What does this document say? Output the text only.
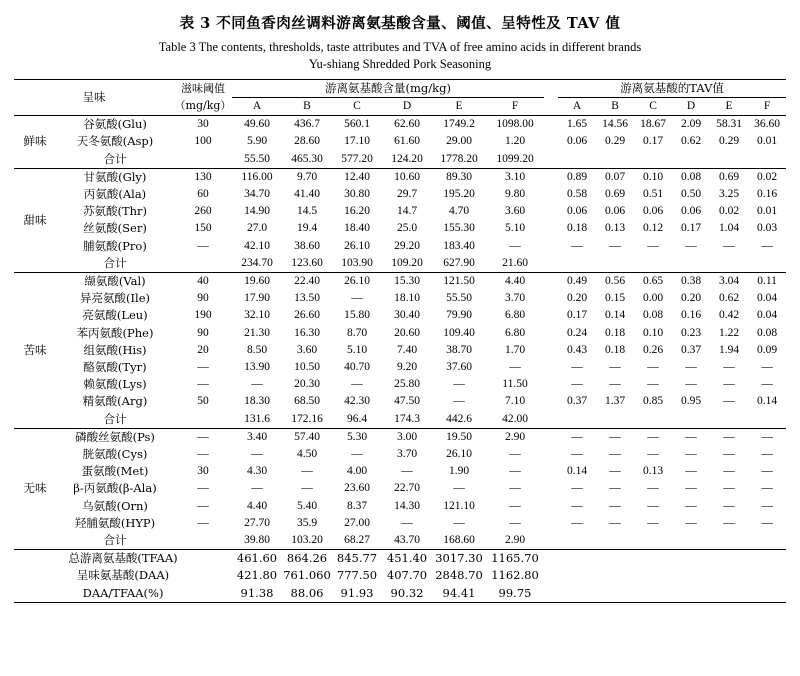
表 3 不同鱼香肉丝调料游离氨基酸含量、阈值、呈特性及 TAV 值
Table 3 The contents, thresholds, taste attributes and TVA of free amino acids in different brands
Yu-shiang Shredded Pork Seasoning
呈味		滋味阈值
（mg/kg）	游离氨基酸含量(mg/kg)							游离氨基酸的TAV值					
			A	B	C	D	E	F		A	B	C	D	E	F
鲜味	谷氨酸(Glu)	30	49.60	436.7	560.1	62.60	1749.2	1098.00		1.65	14.56	18.67	2.09	58.31	36.60
	天冬氨酸(Asp)	100	5.90	28.60	17.10	61.60	29.00	1.20		0.06	0.29	0.17	0.62	0.29	0.01
	合计		55.50	465.30	577.20	124.20	1778.20	1099.20							
甜味	甘氨酸(Gly)	130	116.00	9.70	12.40	10.60	89.30	3.10		0.89	0.07	0.10	0.08	0.69	0.02
	丙氨酸(Ala)	60	34.70	41.40	30.80	29.7	195.20	9.80		0.58	0.69	0.51	0.50	3.25	0.16
	苏氨酸(Thr)	260	14.90	14.5	16.20	14.7	4.70	3.60		0.06	0.06	0.06	0.06	0.02	0.01
	丝氨酸(Ser)	150	27.0	19.4	18.40	25.0	155.30	5.10		0.18	0.13	0.12	0.17	1.04	0.03
	脯氨酸(Pro)	—	42.10	38.60	26.10	29.20	183.40	—		—	—	—	—	—	—
	合计		234.70	123.60	103.90	109.20	627.90	21.60							
苦味	缬氨酸(Val)	40	19.60	22.40	26.10	15.30	121.50	4.40		0.49	0.56	0.65	0.38	3.04	0.11
	异亮氨酸(Ile)	90	17.90	13.50	—	18.10	55.50	3.70		0.20	0.15	0.00	0.20	0.62	0.04
	亮氨酸(Leu)	190	32.10	26.60	15.80	30.40	79.90	6.80		0.17	0.14	0.08	0.16	0.42	0.04
	苯丙氨酸(Phe)	90	21.30	16.30	8.70	20.60	109.40	6.80		0.24	0.18	0.10	0.23	1.22	0.08
	组氨酸(His)	20	8.50	3.60	5.10	7.40	38.70	1.70		0.43	0.18	0.26	0.37	1.94	0.09
	酪氨酸(Tyr)	—	13.90	10.50	40.70	9.20	37.60	—		—	—	—	—	—	—
	赖氨酸(Lys)	—	—	20.30	—	25.80	—	11.50		—	—	—	—	—	—
	精氨酸(Arg)	50	18.30	68.50	42.30	47.50	—	7.10		0.37	1.37	0.85	0.95	—	0.14
	合计		131.6	172.16	96.4	174.3	442.6	42.00							
无味	磷酸丝氨酸(Ps)	—	3.40	57.40	5.30	3.00	19.50	2.90		—	—	—	—	—	—
	胱氨酸(Cys)	—	—	4.50	—	3.70	26.10	—		—	—	—	—	—	—
	蛋氨酸(Met)	30	4.30	—	4.00	—	1.90	—		0.14	—	0.13	—	—	—
	β-丙氨酸(β-Ala)	—	—	—	23.60	22.70	—	—		—	—	—	—	—	—
	乌氨酸(Orn)	—	4.40	5.40	8.37	14.30	121.10	—		—	—	—	—	—	—
	羟脯氨酸(HYP)	—	27.70	35.9	27.00	—	—	—		—	—	—	—	—	—
	合计		39.80	103.20	68.27	43.70	168.60	2.90							
总游离氨基酸(TFAA)			461.60	864.26	845.77	451.40	3017.30	1165.70							
呈味氨基酸(DAA)			421.80	761.060	777.50	407.70	2848.70	1162.80							
DAA/TFAA(%)			91.38	88.06	91.93	90.32	94.41	99.75							
